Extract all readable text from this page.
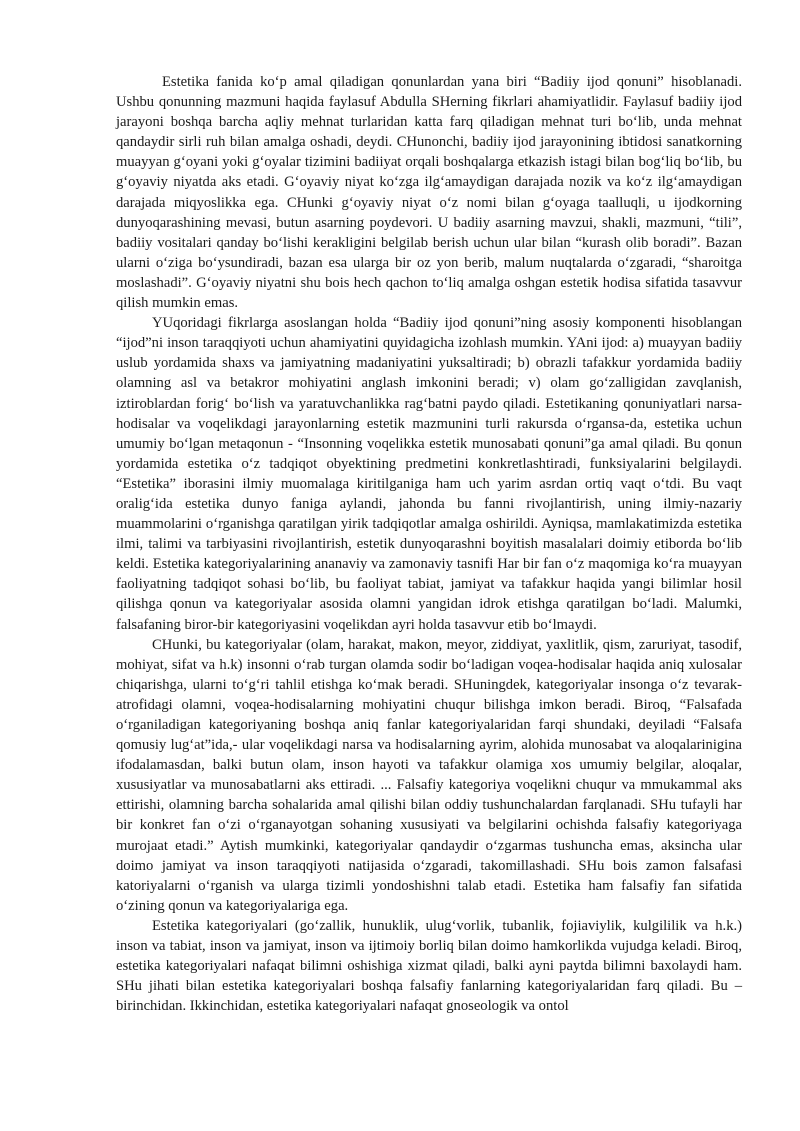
Estetika fanida ko‘p amal qiladigan qonunlardan yana biri “Badiiy ijod qonuni” hisoblanadi. Ushbu qonunning mazmuni haqida faylasuf Abdulla SHerning fikrlari ahamiyatlidir. Faylasuf badiiy ijod jarayoni boshqa barcha aqliy mehnat turlaridan katta farq qiladigan mehnat turi bo‘lib, unda mehnat qandaydir sirli ruh bilan amalga oshadi, deydi. CHunonchi, badiiy ijod jarayonining ibtidosi sanatkorning muayyan g‘oyani yoki g‘oyalar tizimini badiiyat orqali boshqalarga etkazish istagi bilan bog‘liq bo‘lib, bu g‘oyaviy niyatda aks etadi. G‘oyaviy niyat ko‘zga ilg‘amaydigan darajada nozik va ko‘z ilg‘amaydigan darajada miqyoslikka ega. CHunki g‘oyaviy niyat o‘z nomi bilan g‘oyaga taalluqli, u ijodkorning dunyoqarashining mevasi, butun asarning poydevori. U badiiy asarning mavzui, shakli, mazmuni, “tili”, badiiy vositalari qanday bo‘lishi kerakligini belgilab berish uchun ular bilan “kurash olib boradi”. Bazan ularni o‘ziga bo‘ysundiradi, bazan esa ularga bir oz yon berib, malum nuqtalarda o‘zgaradi, “sharoitga moslashadi”. G‘oyaviy niyatni shu bois hech qachon to‘liq amalga oshgan estetik hodisa sifatida tasavvur qilish mumkin emas.

YUqoridagi fikrlarga asoslangan holda “Badiiy ijod qonuni”ning asosiy komponenti hisoblangan “ijod”ni inson taraqqiyoti uchun ahamiyatini quyidagicha izohlash mumkin. YAni ijod: a) muayyan badiiy uslub yordamida shaxs va jamiyatning madaniyatini yuksaltiradi; b) obrazli tafakkur yordamida badiiy olamning asl va betakror mohiyatini anglash imkonini beradi; v) olam go‘zalligidan zavqlanish, iztiroblardan forig‘ bo‘lish va yaratuvchanlikka rag‘batni paydo qiladi. Estetikaning qonuniyatlari narsa-hodisalar va voqelikdagi jarayonlarning estetik mazmunini turli rakursda o‘rgansa-da, estetika uchun umumiy bo‘lgan metaqonun - “Insonning voqelikka estetik munosabati qonuni”ga amal qiladi. Bu qonun yordamida estetika o‘z tadqiqot obyektining predmetini konkretlashtiradi, funksiyalarini belgilaydi. “Estetika” iborasini ilmiy muomalaga kiritilganiga ham uch yarim asrdan ortiq vaqt o‘tdi. Bu vaqt oralig‘ida estetika dunyo faniga aylandi, jahonda bu fanni rivojlantirish, uning ilmiy-nazariy muammolarini o‘rganishga qaratilgan yirik tadqiqotlar amalga oshirildi. Ayniqsa, mamlakatimizda estetika ilmi, talimi va tarbiyasini rivojlantirish, estetik dunyoqarashni boyitish masalalari doimiy etiborda bo‘lib keldi. Estetika kategoriyalarining ananaviy va zamonaviy tasnifi Har bir fan o‘z maqomiga ko‘ra muayyan faoliyatning tadqiqot sohasi bo‘lib, bu faoliyat tabiat, jamiyat va tafakkur haqida yangi bilimlar hosil qilishga qonun va kategoriyalar asosida olamni yangidan idrok etishga qaratilgan bo‘ladi. Malumki, falsafaning biror-bir kategoriyasini voqelikdan ayri holda tasavvur etib bo‘lmaydi.

CHunki, bu kategoriyalar (olam, harakat, makon, meyor, ziddiyat, yaxlitlik, qism, zaruriyat, tasodif, mohiyat, sifat va h.k) insonni o‘rab turgan olamda sodir bo‘ladigan voqea-hodisalar haqida aniq xulosalar chiqarishga, ularni to‘g‘ri tahlil etishga ko‘mak beradi. SHuningdek, kategoriyalar insonga o‘z tevarak-atrofidagi olamni, voqea-hodisalarning mohiyatini chuqur bilishga imkon beradi. Biroq, “Falsafada o‘rganiladigan kategoriyaning boshqa aniq fanlar kategoriyalaridan farqi shundaki, deyiladi “Falsafa qomusiy lug‘at”ida,- ular voqelikdagi narsa va hodisalarning ayrim, alohida munosabat va aloqalarinigina ifodalamasdan, balki butun olam, inson hayoti va tafakkur olamiga xos umumiy belgilar, aloqalar, xususiyatlar va munosabatlarni aks ettiradi. ... Falsafiy kategoriya voqelikni chuqur va mmukammal aks ettirishi, olamning barcha sohalarida amal qilishi bilan oddiy tushunchalardan farqlanadi. SHu tufayli har bir konkret fan o‘zi o‘rganayotgan sohaning xususiyati va belgilarini ochishda falsafiy kategoriyaga murojaat etadi.” Aytish mumkinki, kategoriyalar qandaydir o‘zgarmas tushuncha emas, aksincha ular doimo jamiyat va inson taraqqiyoti natijasida o‘zgaradi, takomillashadi. SHu bois zamon falsafasi katoriyalarni o‘rganish va ularga tizimli yondoshishni talab etadi. Estetika ham falsafiy fan sifatida o‘zining qonun va kategoriyalariga ega.

Estetika kategoriyalari (go‘zallik, hunuklik, ulug‘vorlik, tubanlik, fojiaviylik, kulgililik va h.k.) inson va tabiat, inson va jamiyat, inson va ijtimoiy borliq bilan doimo hamkorlikda vujudga keladi. Biroq, estetika kategoriyalari nafaqat bilimni oshishiga xizmat qiladi, balki ayni paytda bilimni baxolaydi ham. SHu jihati bilan estetika kategoriyalari boshqa falsafiy fanlarning kategoriyalaridan farq qiladi. Bu – birinchidan. Ikkinchidan, estetika kategoriyalari nafaqat gnoseologik va ontol
